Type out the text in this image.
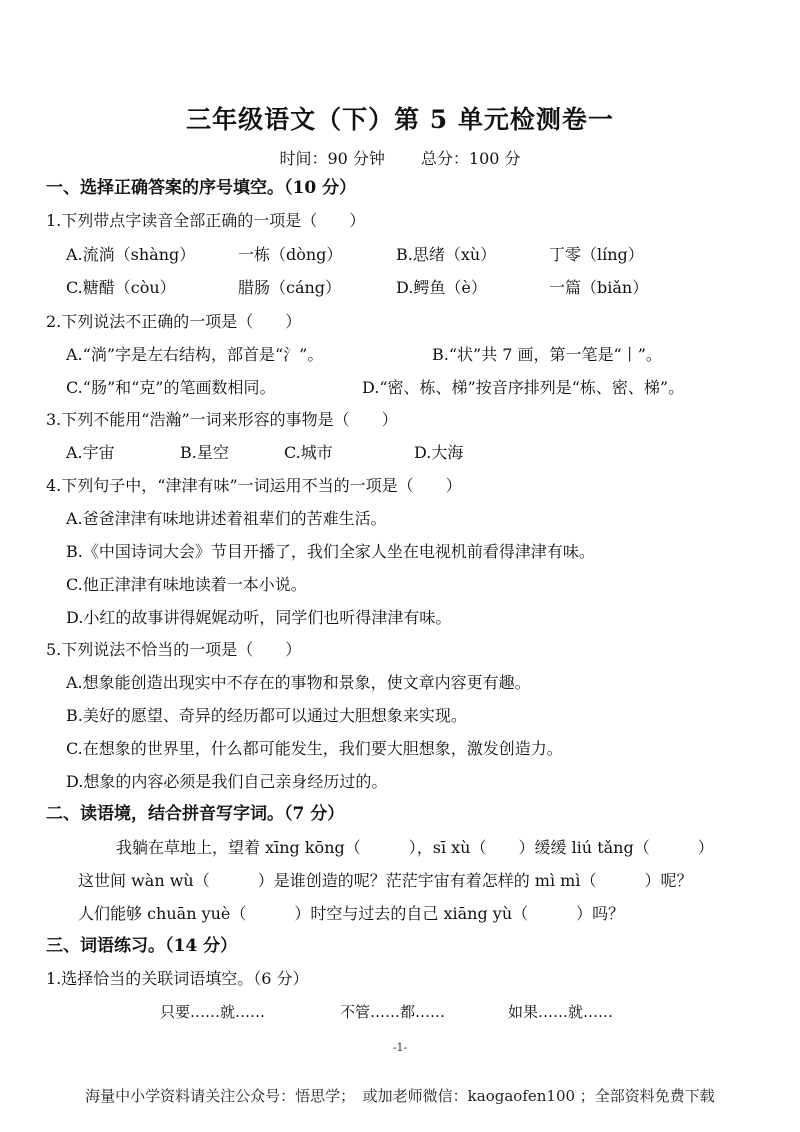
三年级语文（下）第 5 单元检测卷一
时间：90 分钟 总分：100 分
一、选择正确答案的序号填空。（10 分）
1.下列带点字读音全部正确的一项是（　　）
A.流淌（shàng）	一栋（dòng）	B.思绪（xù）	丁零（líng）
C.糖醋（còu）	腊肠（cáng）	D.鳄鱼（è）	一篇（biǎn）
2.下列说法不正确的一项是（　　）
A.“淌”字是左右结构，部首是“氵”。	B.“状”共 7 画，第一笔是“丨”。
C.“肠”和“克”的笔画数相同。	D.“密、栋、梯”按音序排列是“栋、密、梯”。
3.下列不能用“浩瀚”一词来形容的事物是（　　）
A.宇宙	B.星空	C.城市	D.大海
4.下列句子中，“津津有味”一词运用不当的一项是（　　）
A.爸爸津津有味地讲述着祖辈们的苦难生活。
B.《中国诗词大会》节目开播了，我们全家人坐在电视机前看得津津有味。
C.他正津津有味地读着一本小说。
D.小红的故事讲得娓娓动听，同学们也听得津津有味。
5.下列说法不恰当的一项是（　　）
A.想象能创造出现实中不存在的事物和景象，使文章内容更有趣。
B.美好的愿望、奇异的经历都可以通过大胆想象来实现。
C.在想象的世界里，什么都可能发生，我们要大胆想象，激发创造力。
D.想象的内容必须是我们自己亲身经历过的。
二、读语境，结合拼音写字词。（7 分）
我躺在草地上，望着 xīng kōng（　　　），sī xù（　　）缓缓 liú tǎng（　　　）
这世间 wàn wù（　　　）是谁创造的呢？茫茫宇宙有着怎样的 mì mì（　　　）呢？
人们能够 chuān yuè（　　　）时空与过去的自己 xiāng yù（　　　）吗？
三、词语练习。（14 分）
1.选择恰当的关联词语填空。（6 分）
只要……就……	不管……都……	如果……就……
-1-
海量中小学资料请关注公众号：悟思学；　或加老师微信：kaogaofen100 ；全部资料免费下载
